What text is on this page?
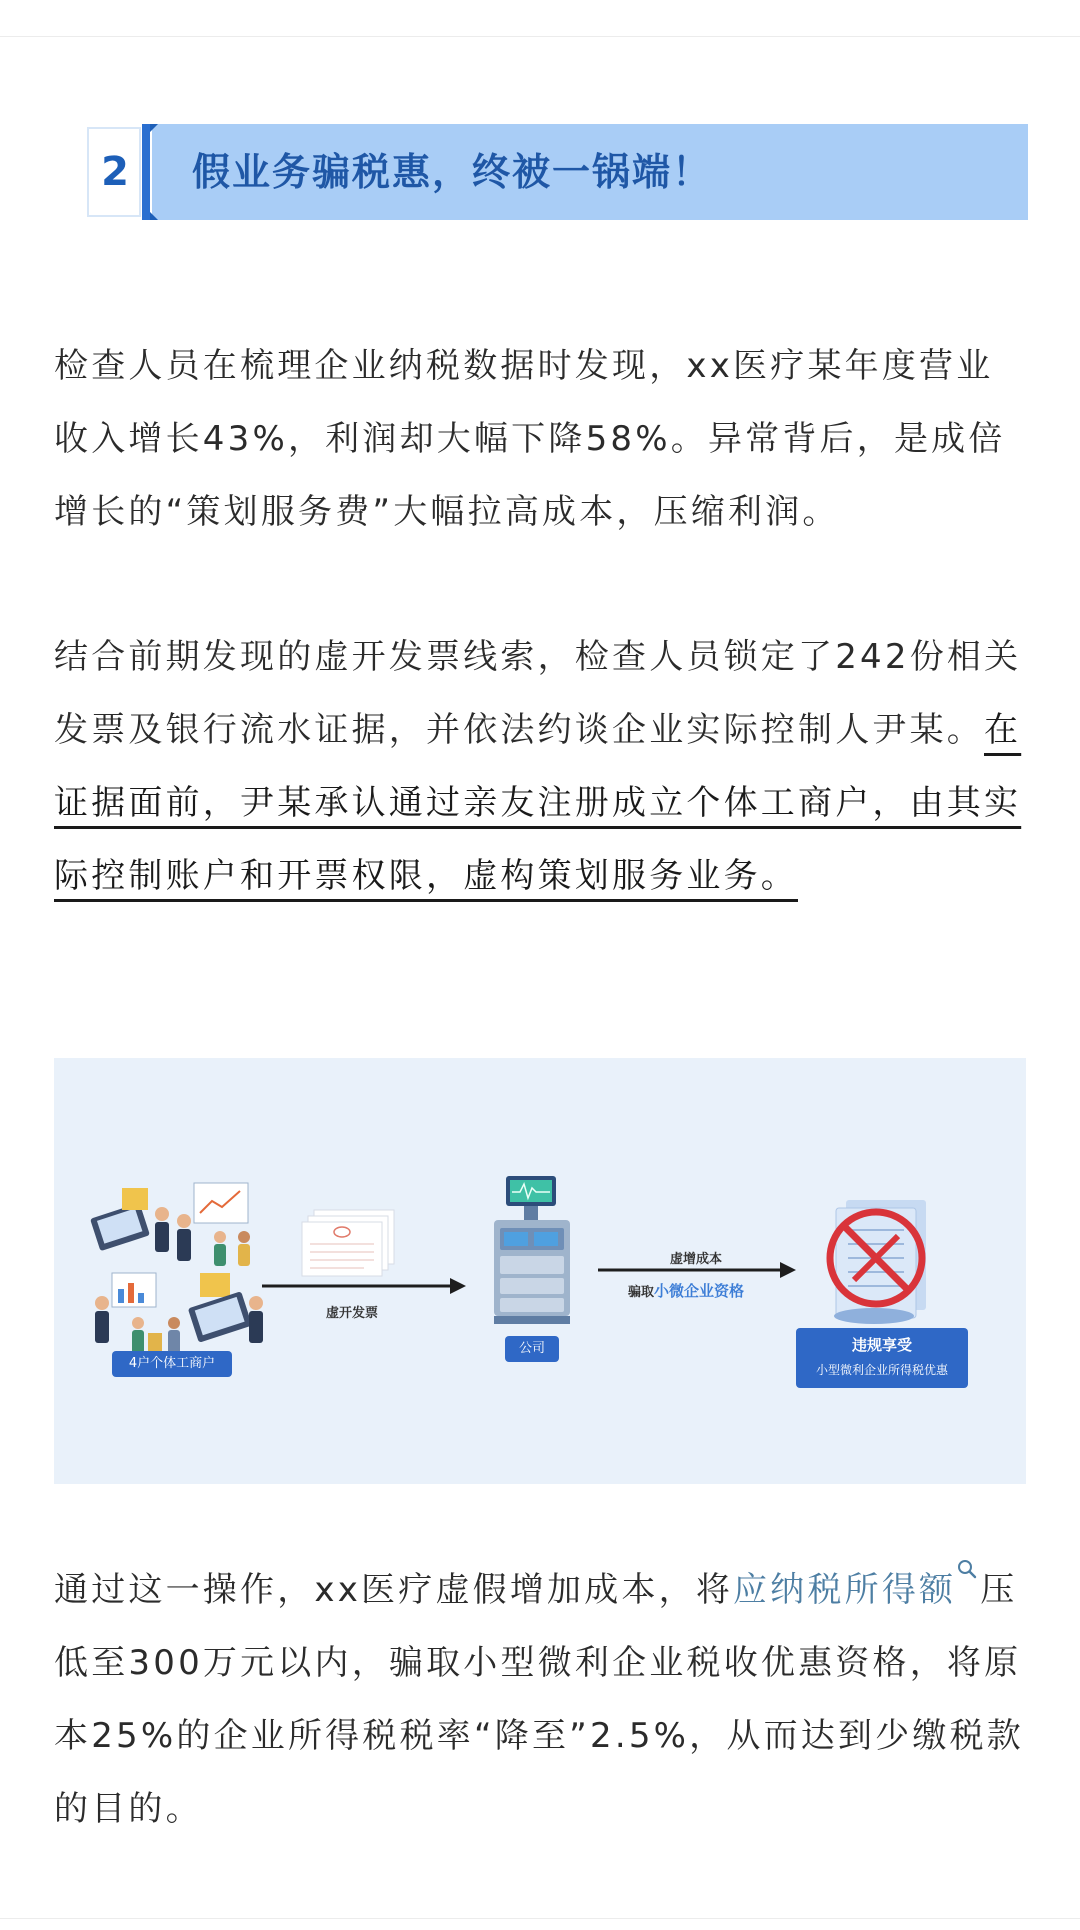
2	假业务骗税惠，终被一锅端！
检查人员在梳理企业纳税数据时发现，xx医疗某年度营业收入增长43%，利润却大幅下降58%。异常背后，是成倍增长的“策划服务费”大幅拉高成本，压缩利润。
结合前期发现的虚开发票线索，检查人员锁定了242份相关发票及银行流水证据，并依法约谈企业实际控制人尹某。在证据面前，尹某承认通过亲友注册成立个体工商户，由其实际控制账户和开票权限，虚构策划服务业务。
虚开发票
虚增成本
骗取小微企业资格
4户个体工商户
公司	违规享受
小型微利企业所得税优惠
通过这一操作，xx医疗虚假增加成本，将应纳税所得额 压低至300万元以内，骗取小型微利企业税收优惠资格，将原本25%的企业所得税税率“降至”2.5%，从而达到少缴税款的目的。
